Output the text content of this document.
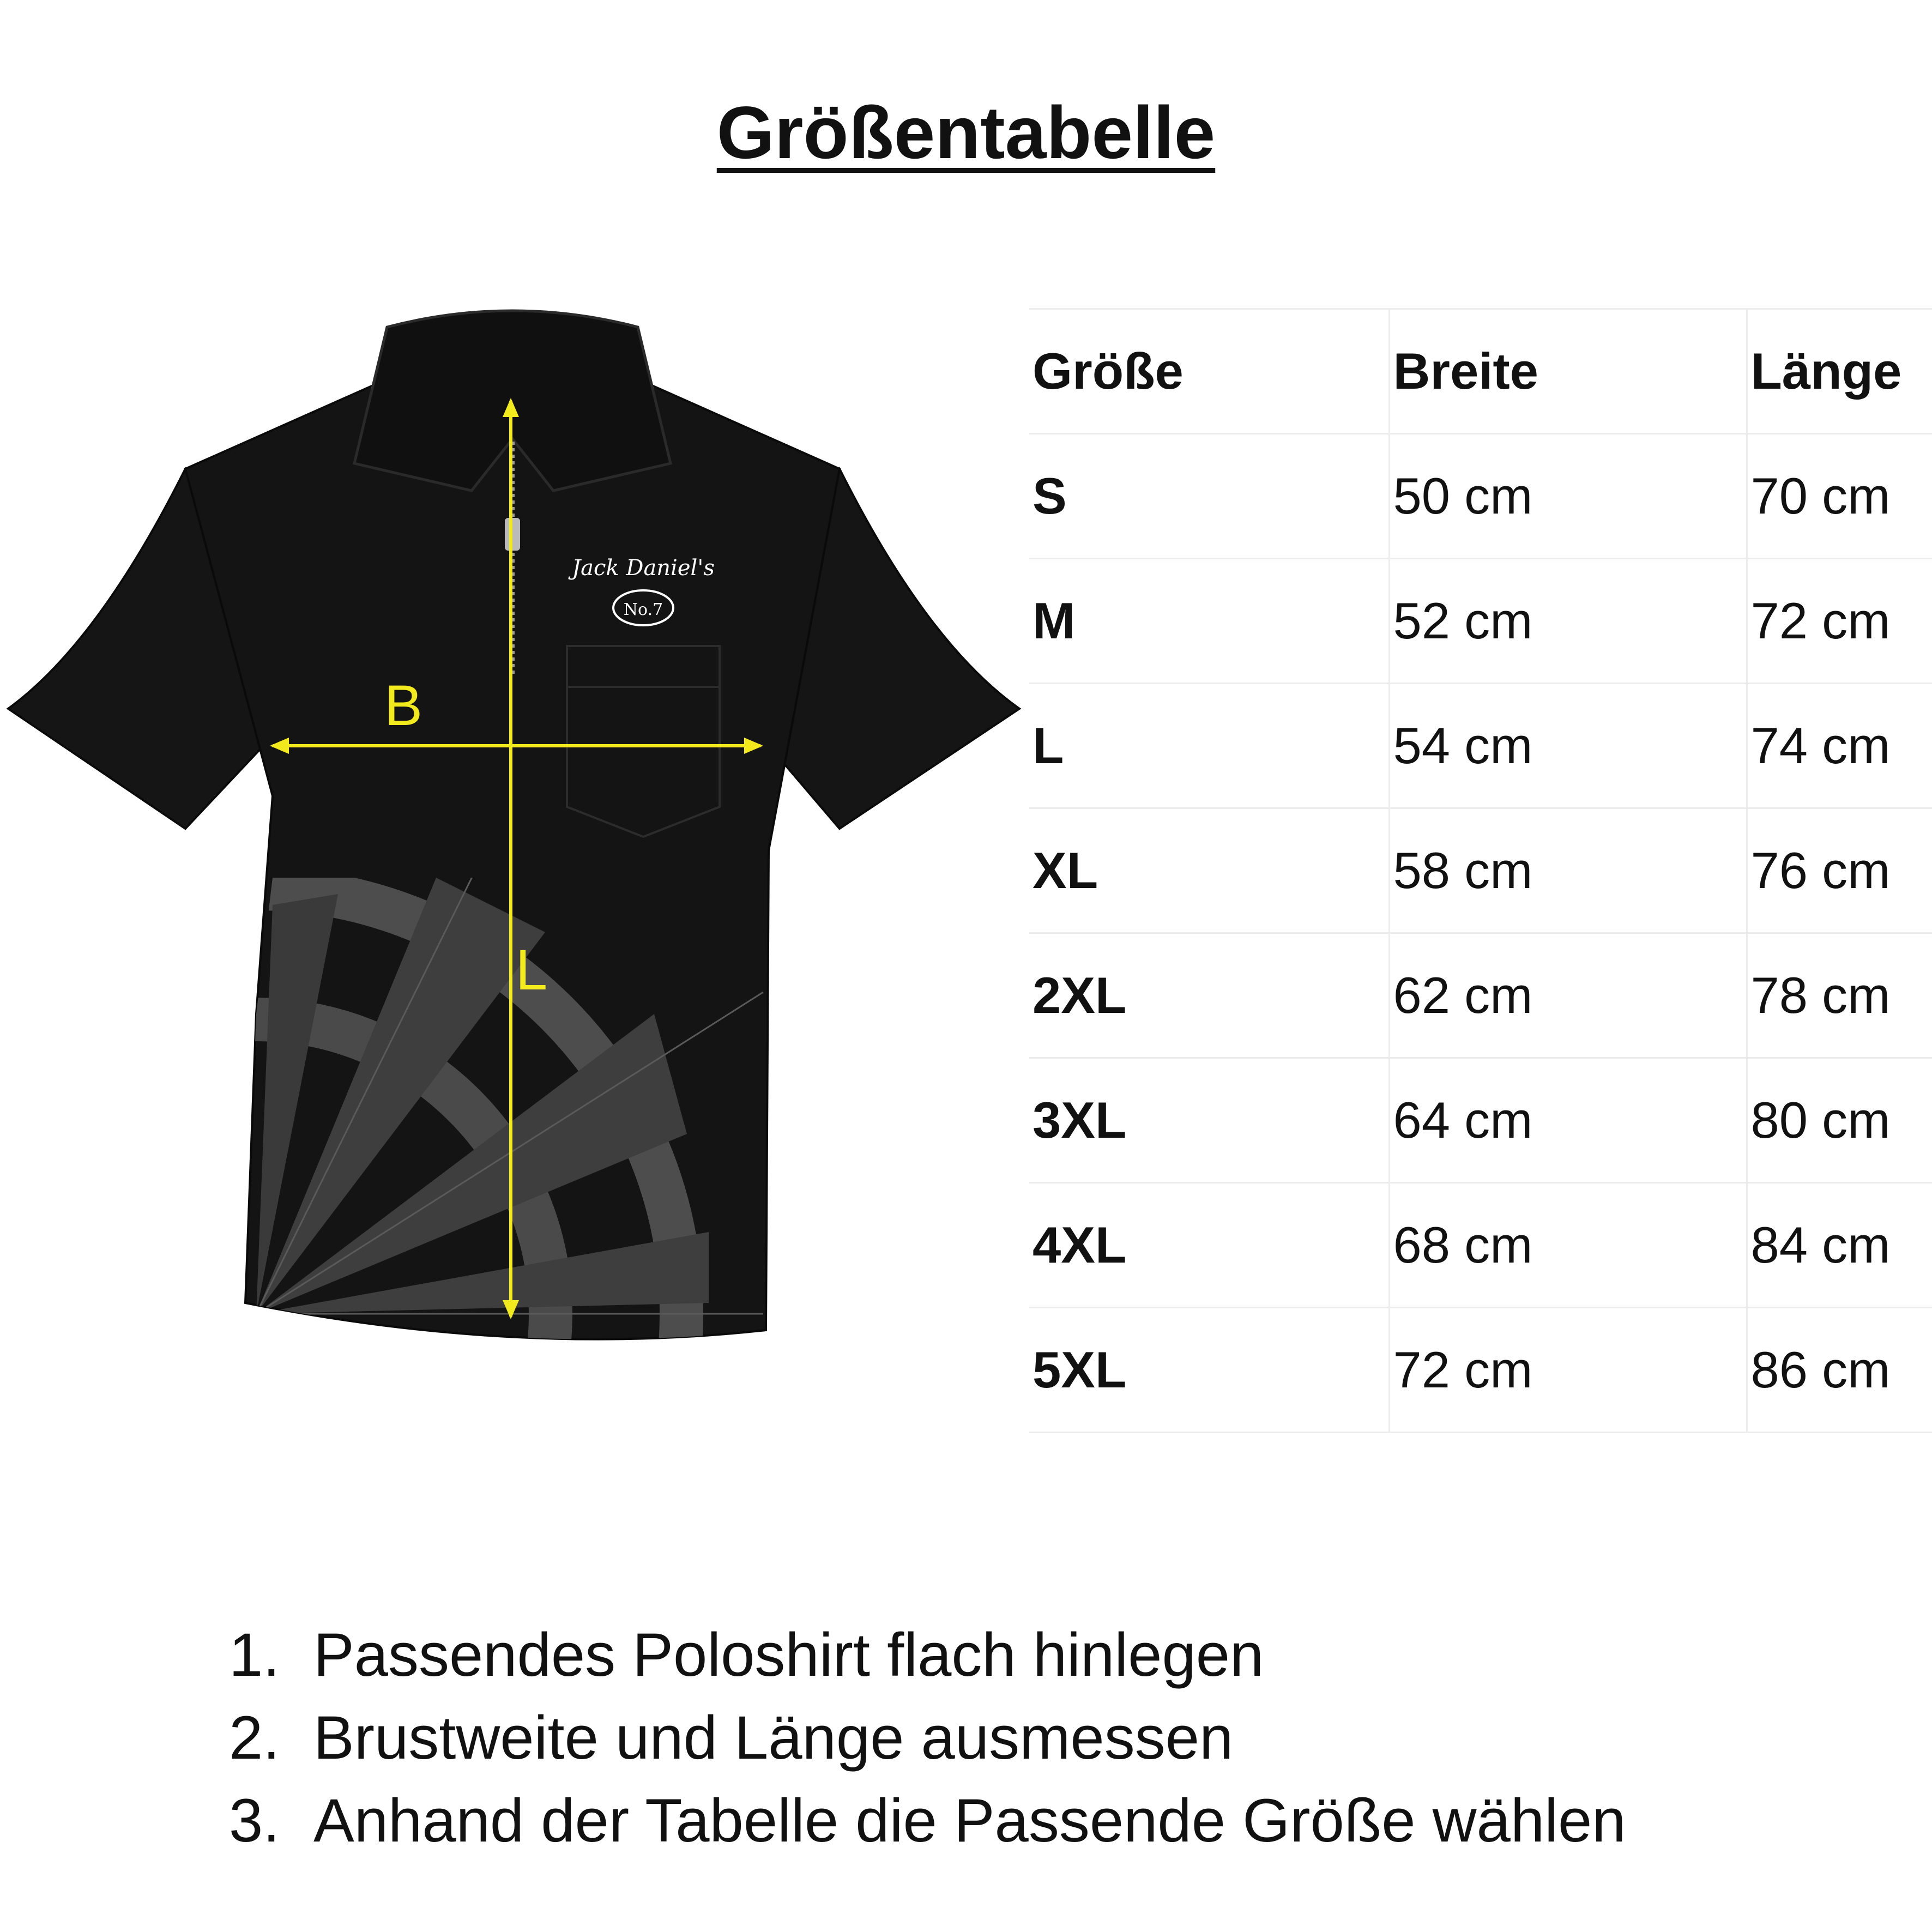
Größentabelle
Jack Daniel's
No.7
B
L
Größe	Breite	Länge
S	50 cm	70 cm
M	52 cm	72 cm
L	54 cm	74 cm
XL	58 cm	76 cm
2XL	62 cm	78 cm
3XL	64 cm	80 cm
4XL	68 cm	84 cm
5XL	72 cm	86 cm
1. Passendes Poloshirt flach hinlegen
2. Brustweite und Länge ausmessen
3. Anhand der Tabelle die Passende Größe wählen
